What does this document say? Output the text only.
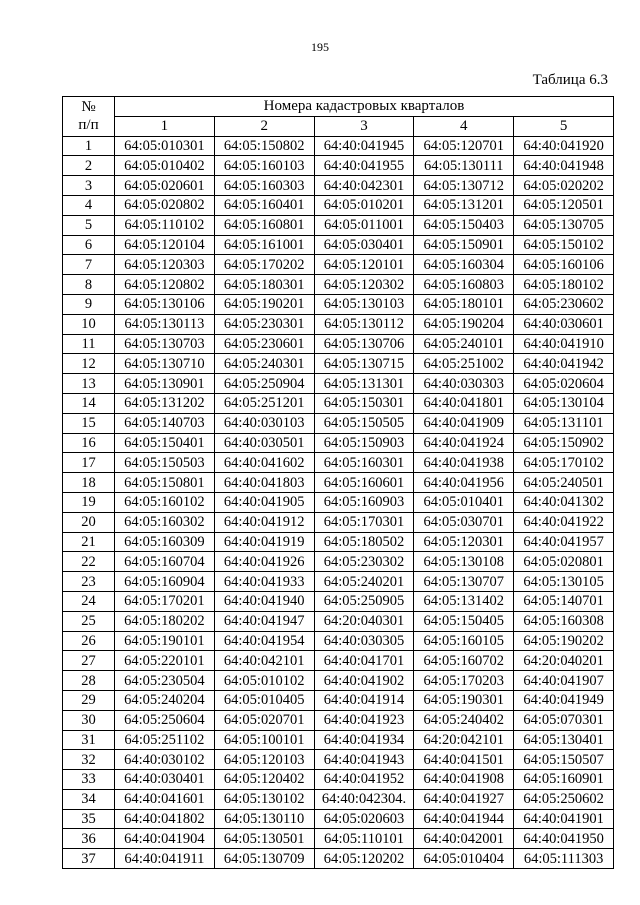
195
Таблица 6.3
№
п/п	Номера кадастровых кварталов				
	1	2	3	4	5
1	64:05:010301	64:05:150802	64:40:041945	64:05:120701	64:40:041920
2	64:05:010402	64:05:160103	64:40:041955	64:05:130111	64:40:041948
3	64:05:020601	64:05:160303	64:40:042301	64:05:130712	64:05:020202
4	64:05:020802	64:05:160401	64:05:010201	64:05:131201	64:05:120501
5	64:05:110102	64:05:160801	64:05:011001	64:05:150403	64:05:130705
6	64:05:120104	64:05:161001	64:05:030401	64:05:150901	64:05:150102
7	64:05:120303	64:05:170202	64:05:120101	64:05:160304	64:05:160106
8	64:05:120802	64:05:180301	64:05:120302	64:05:160803	64:05:180102
9	64:05:130106	64:05:190201	64:05:130103	64:05:180101	64:05:230602
10	64:05:130113	64:05:230301	64:05:130112	64:05:190204	64:40:030601
11	64:05:130703	64:05:230601	64:05:130706	64:05:240101	64:40:041910
12	64:05:130710	64:05:240301	64:05:130715	64:05:251002	64:40:041942
13	64:05:130901	64:05:250904	64:05:131301	64:40:030303	64:05:020604
14	64:05:131202	64:05:251201	64:05:150301	64:40:041801	64:05:130104
15	64:05:140703	64:40:030103	64:05:150505	64:40:041909	64:05:131101
16	64:05:150401	64:40:030501	64:05:150903	64:40:041924	64:05:150902
17	64:05:150503	64:40:041602	64:05:160301	64:40:041938	64:05:170102
18	64:05:150801	64:40:041803	64:05:160601	64:40:041956	64:05:240501
19	64:05:160102	64:40:041905	64:05:160903	64:05:010401	64:40:041302
20	64:05:160302	64:40:041912	64:05:170301	64:05:030701	64:40:041922
21	64:05:160309	64:40:041919	64:05:180502	64:05:120301	64:40:041957
22	64:05:160704	64:40:041926	64:05:230302	64:05:130108	64:05:020801
23	64:05:160904	64:40:041933	64:05:240201	64:05:130707	64:05:130105
24	64:05:170201	64:40:041940	64:05:250905	64:05:131402	64:05:140701
25	64:05:180202	64:40:041947	64:20:040301	64:05:150405	64:05:160308
26	64:05:190101	64:40:041954	64:40:030305	64:05:160105	64:05:190202
27	64:05:220101	64:40:042101	64:40:041701	64:05:160702	64:20:040201
28	64:05:230504	64:05:010102	64:40:041902	64:05:170203	64:40:041907
29	64:05:240204	64:05:010405	64:40:041914	64:05:190301	64:40:041949
30	64:05:250604	64:05:020701	64:40:041923	64:05:240402	64:05:070301
31	64:05:251102	64:05:100101	64:40:041934	64:20:042101	64:05:130401
32	64:40:030102	64:05:120103	64:40:041943	64:40:041501	64:05:150507
33	64:40:030401	64:05:120402	64:40:041952	64:40:041908	64:05:160901
34	64:40:041601	64:05:130102	64:40:042304.	64:40:041927	64:05:250602
35	64:40:041802	64:05:130110	64:05:020603	64:40:041944	64:40:041901
36	64:40:041904	64:05:130501	64:05:110101	64:40:042001	64:40:041950
37	64:40:041911	64:05:130709	64:05:120202	64:05:010404	64:05:111303
